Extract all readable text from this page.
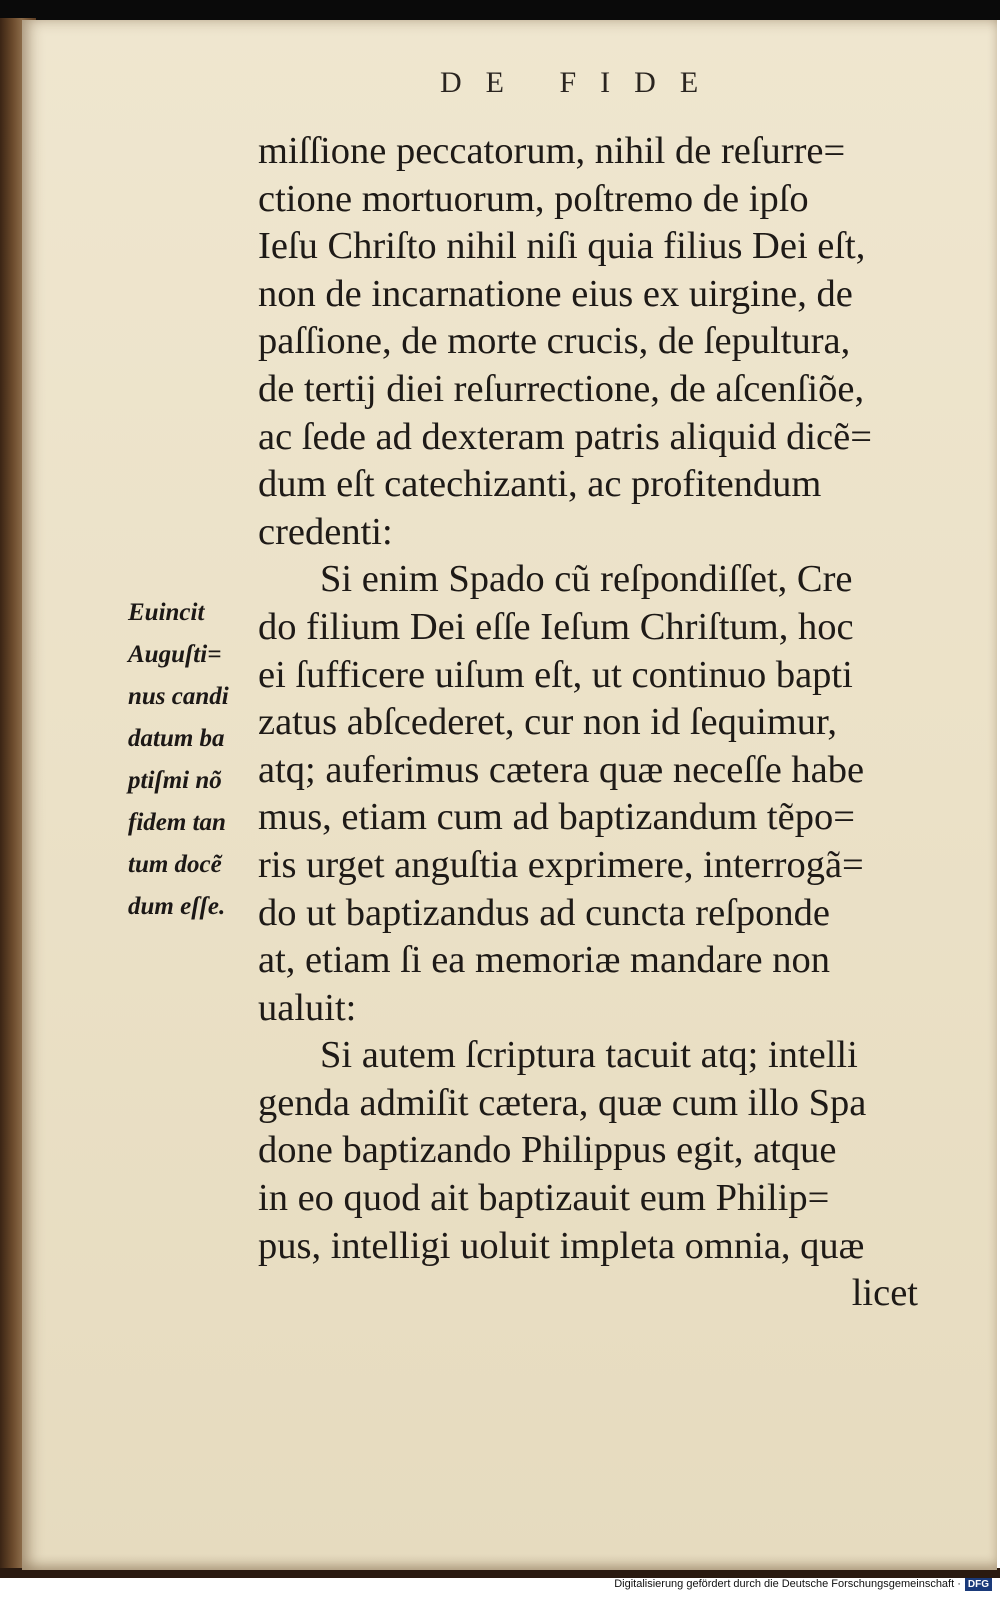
DE FIDE
miſſione peccatorum, nihil de reſurre=
ctione mortuorum, poſtremo de ipſo
Ieſu Chriſto nihil niſi quia filius Dei eſt,
non de incarnatione eius ex uirgine, de
paſſione, de morte crucis, de ſepultura,
de tertij diei reſurrectione, de aſcenſiõe,
ac ſede ad dexteram patris aliquid dicẽ=
dum eſt catechizanti, ac profitendum
credenti:
Si enim Spado cũ reſpondiſſet, Cre
do filium Dei eſſe Ieſum Chriſtum, hoc
ei ſufficere uiſum eſt, ut continuo bapti
zatus abſcederet, cur non id ſequimur,
atq; auferimus cætera quæ neceſſe habe
mus, etiam cum ad baptizandum tẽpo=
ris urget anguſtia exprimere, interrogã=
do ut baptizandus ad cuncta reſponde
at, etiam ſi ea memoriæ mandare non
ualuit:
Si autem ſcriptura tacuit atq; intelli
genda admiſit cætera, quæ cum illo Spa
done baptizando Philippus egit, atque
in eo quod ait baptizauit eum Philip=
pus, intelligi uoluit impleta omnia, quæ
licet
Euincit
Auguſti=
nus candi
datum ba
ptiſmi nõ
fidem tan
tum docẽ
dum eſſe.
Digitalisierung gefördert durch die Deutsche Forschungsgemeinschaft · DFG
